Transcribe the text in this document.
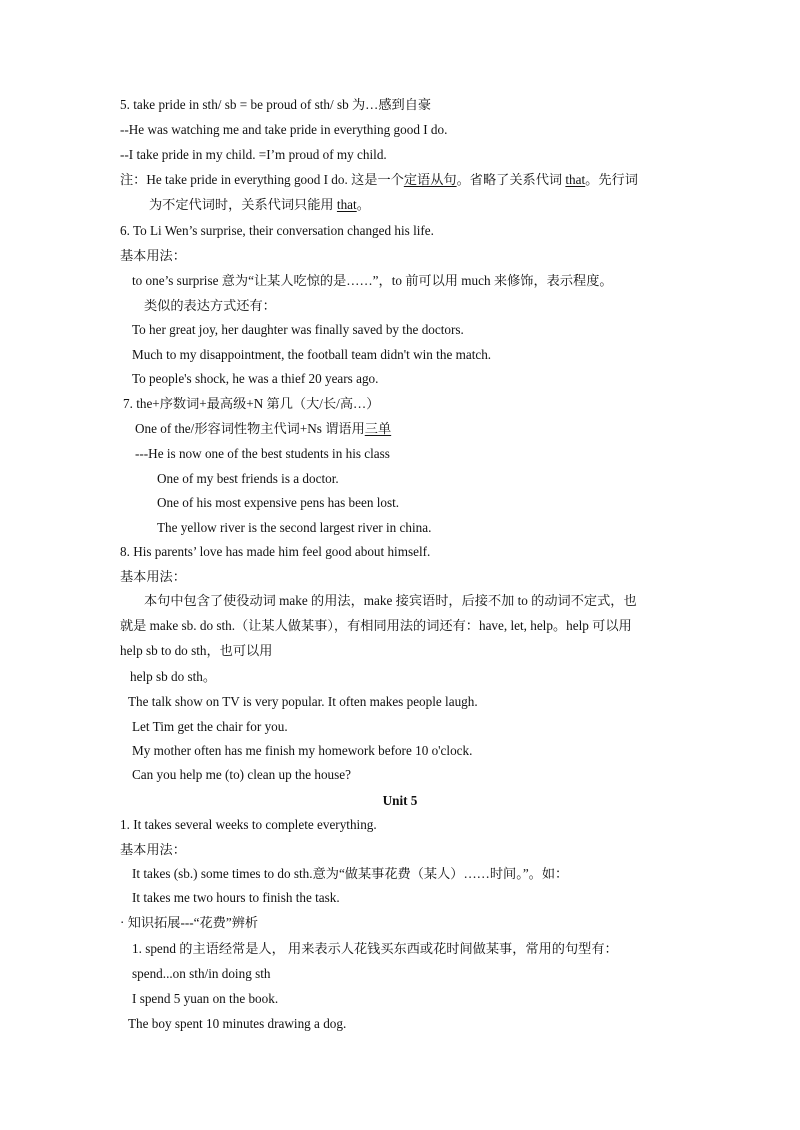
5. take pride in sth/ sb = be proud of sth/ sb 为…感到自豪
--He was watching me and take pride in everything good I do.
--I take pride in my child. =I’m proud of my child.
注：He take pride in everything good I do. 这是一个定语从句。省略了关系代词 that。先行词
为不定代词时，关系代词只能用 that。
6. To Li Wen’s surprise, their conversation changed his life.
基本用法：
to one’s surprise 意为“让某人吃惊的是……”，to 前可以用 much 来修饰，表示程度。
类似的表达方式还有：
To her great joy, her daughter was finally saved by the doctors.
Much to my disappointment, the football team didn't win the match.
To people's shock, he was a thief 20 years ago.
7. the+序数词+最高级+N 第几（大/长/高…）
One of the/形容词性物主代词+Ns 谓语用三单
---He is now one of the best students in his class
One of my best friends is a doctor.
One of his most expensive pens has been lost.
The yellow river is the second largest river in china.
8. His parents’ love has made him feel good about himself.
基本用法：
本句中包含了使役动词 make 的用法，make 接宾语时，后接不加 to 的动词不定式，也
就是 make sb. do sth.（让某人做某事），有相同用法的词还有：have, let, help。help 可以用
help sb to do sth，也可以用
help sb do sth。
The talk show on TV is very popular. It often makes people laugh.
Let Tim get the chair for you.
My mother often has me finish my homework before 10 o'clock.
Can you help me (to) clean up the house?
Unit 5
1. It takes several weeks to complete everything.
基本用法：
It takes (sb.) some times to do sth.意为“做某事花费（某人）……时间。”。如：
It takes me two hours to finish the task.
· 知识拓展---“花费”辨析
1. spend 的主语经常是人， 用来表示人花钱买东西或花时间做某事，常用的句型有：
spend...on sth/in doing sth
I spend 5 yuan on the book.
The boy spent 10 minutes drawing a dog.
